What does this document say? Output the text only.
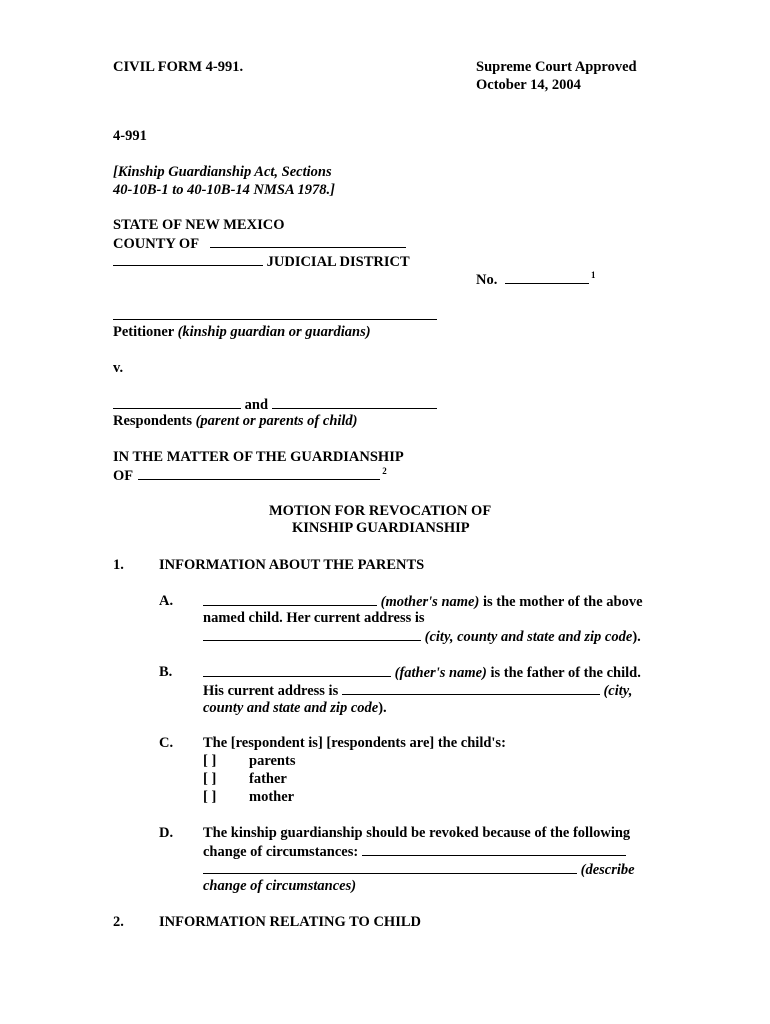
CIVIL FORM 4-991.	Supreme Court Approved

October 14, 2004

4-991

[Kinship Guardianship Act, Sections

40-10B-1 to 40-10B-14 NMSA 1978.]

STATE OF NEW MEXICO

COUNTY OF

JUDICIAL DISTRICT

No.	$^1$

Petitioner (kinship guardian or guardians)

v.

and

Respondents (parent or parents of child)

IN THE MATTER OF THE GUARDIANSHIP

OF	$^2$

MOTION FOR REVOCATION OF

KINSHIP GUARDIANSHIP

1. INFORMATION ABOUT THE PARENTS

A.	(mother's name) is the mother of the above

named child. Her current address is

(city, county and state and zip code).

B.	(father's name) is the father of the child.

His current address is	(city,

county and state and zip code).

C. The [respondent is] [respondents are] the child's:

[ ] parents

[ ] father

[ ] mother

D. The kinship guardianship should be revoked because of the following

change of circumstances:

(describe

change of circumstances)

2. INFORMATION RELATING TO CHILD
